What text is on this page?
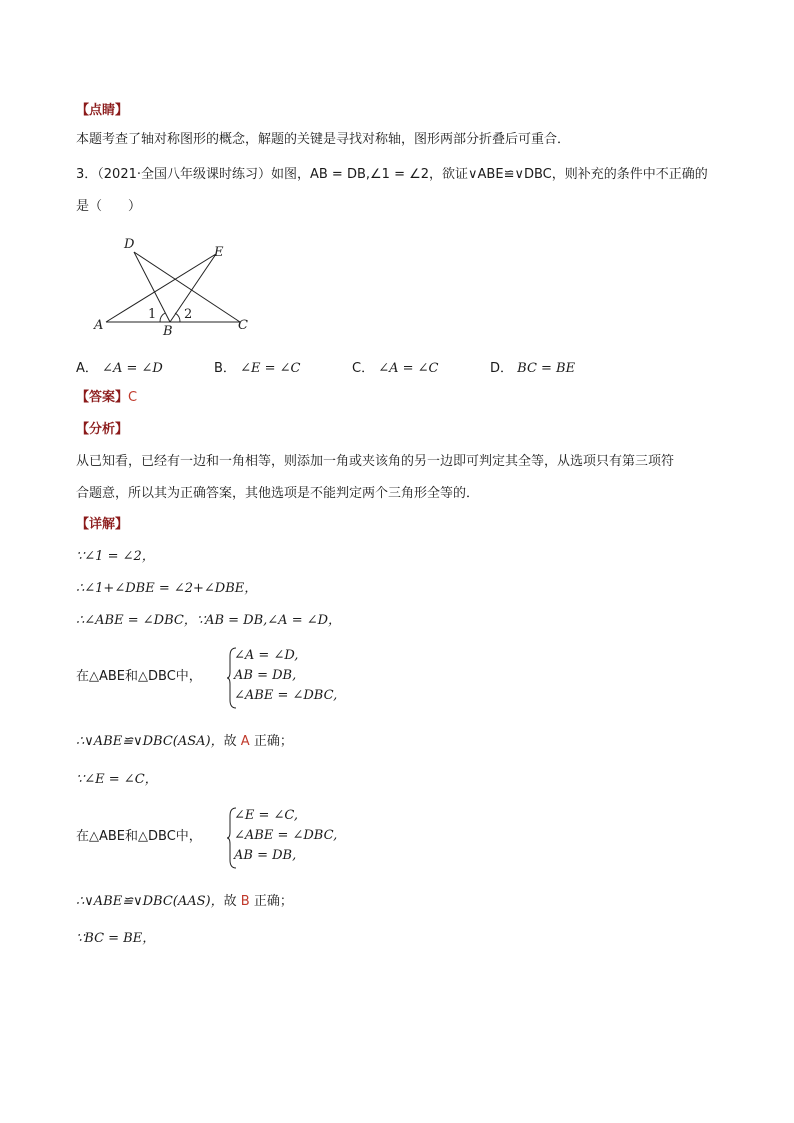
【点睛】
本题考查了轴对称图形的概念，解题的关键是寻找对称轴，图形两部分折叠后可重合．
3．（2021·全国八年级课时练习）如图，AB = DB,∠1 = ∠2，欲证∨ABE≌∨DBC，则补充的条件中不正确的
是（　　）
D
E
A	B	C
1 2
A． ∠A = ∠D	B． ∠E = ∠C	C． ∠A = ∠C	D． BC = BE
【答案】C
【分析】
从已知看，已经有一边和一角相等，则添加一角或夹该角的另一边即可判定其全等，从选项只有第三项符
合题意，所以其为正确答案，其他选项是不能判定两个三角形全等的．
【详解】
∵∠1 = ∠2，
∴∠1+∠DBE = ∠2+∠DBE，
∴∠ABE = ∠DBC，∵AB = DB,∠A = ∠D，
在△ABE和△DBC中，
∠A = ∠D,
AB = DB,
∠ABE = ∠DBC,
∴∨ABE≌∨DBC(ASA)，故 A 正确；
∵∠E = ∠C，
在△ABE和△DBC中，
∠E = ∠C,
∠ABE = ∠DBC,
AB = DB,
∴∨ABE≌∨DBC(AAS)，故 B 正确；
∵BC = BE，
